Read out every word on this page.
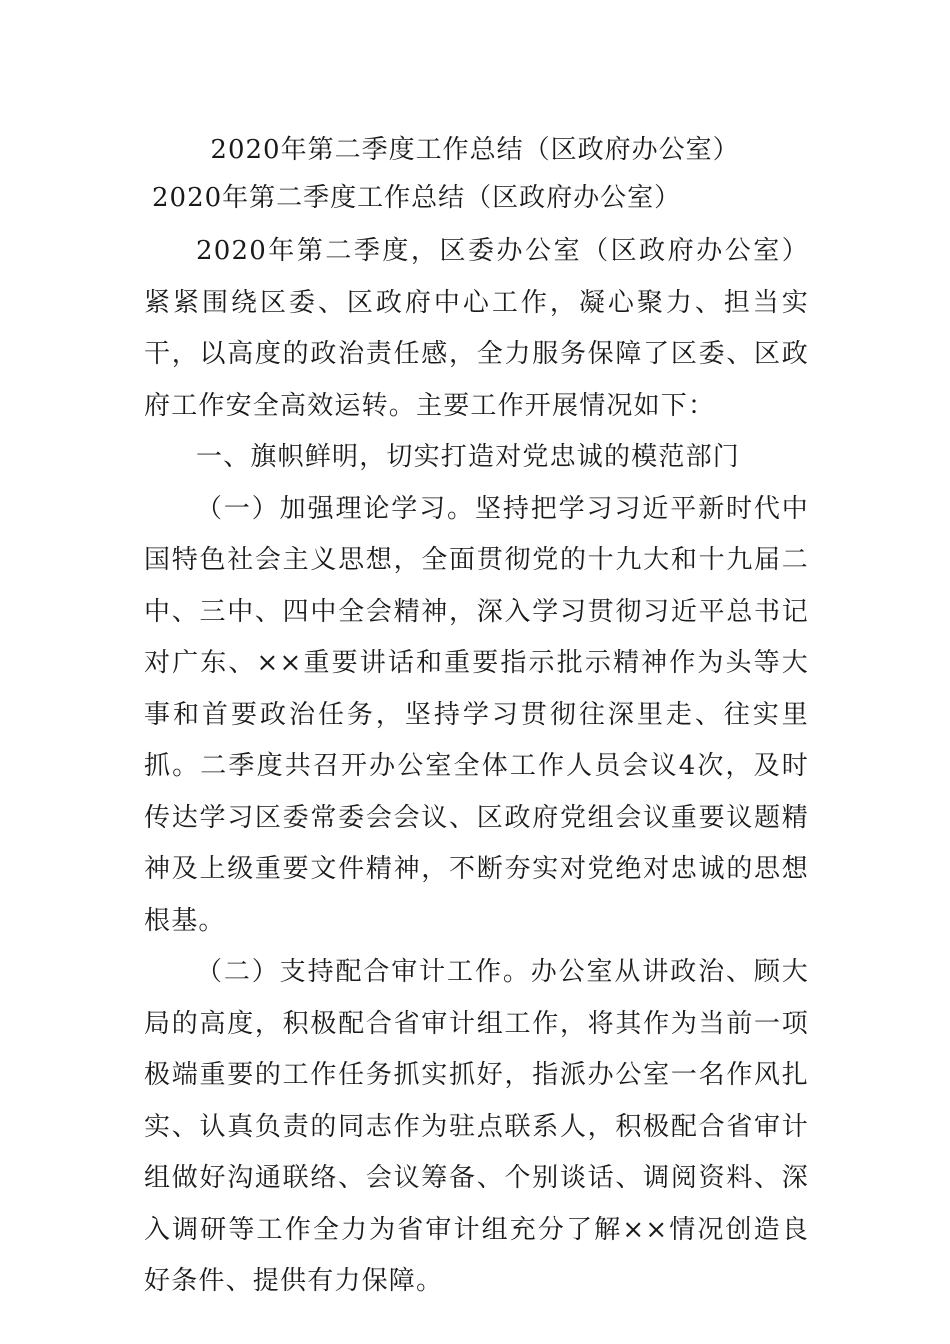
2020年第二季度工作总结（区政府办公室）
2020年第二季度工作总结（区政府办公室）

2020年第二季度，区委办公室（区政府办公室）紧紧围绕区委、区政府中心工作，凝心聚力、担当实干，以高度的政治责任感，全力服务保障了区委、区政府工作安全高效运转。主要工作开展情况如下：

一、旗帜鲜明，切实打造对党忠诚的模范部门

（一）加强理论学习。坚持把学习习近平新时代中国特色社会主义思想，全面贯彻党的十九大和十九届二中、三中、四中全会精神，深入学习贯彻习近平总书记对广东、××重要讲话和重要指示批示精神作为头等大事和首要政治任务，坚持学习贯彻往深里走、往实里抓。二季度共召开办公室全体工作人员会议4次，及时传达学习区委常委会会议、区政府党组会议重要议题精神及上级重要文件精神，不断夯实对党绝对忠诚的思想根基。

（二）支持配合审计工作。办公室从讲政治、顾大局的高度，积极配合省审计组工作，将其作为当前一项极端重要的工作任务抓实抓好，指派办公室一名作风扎实、认真负责的同志作为驻点联系人，积极配合省审计组做好沟通联络、会议筹备、个别谈话、调阅资料、深入调研等工作全力为省审计组充分了解××情况创造良好条件、提供有力保障。
